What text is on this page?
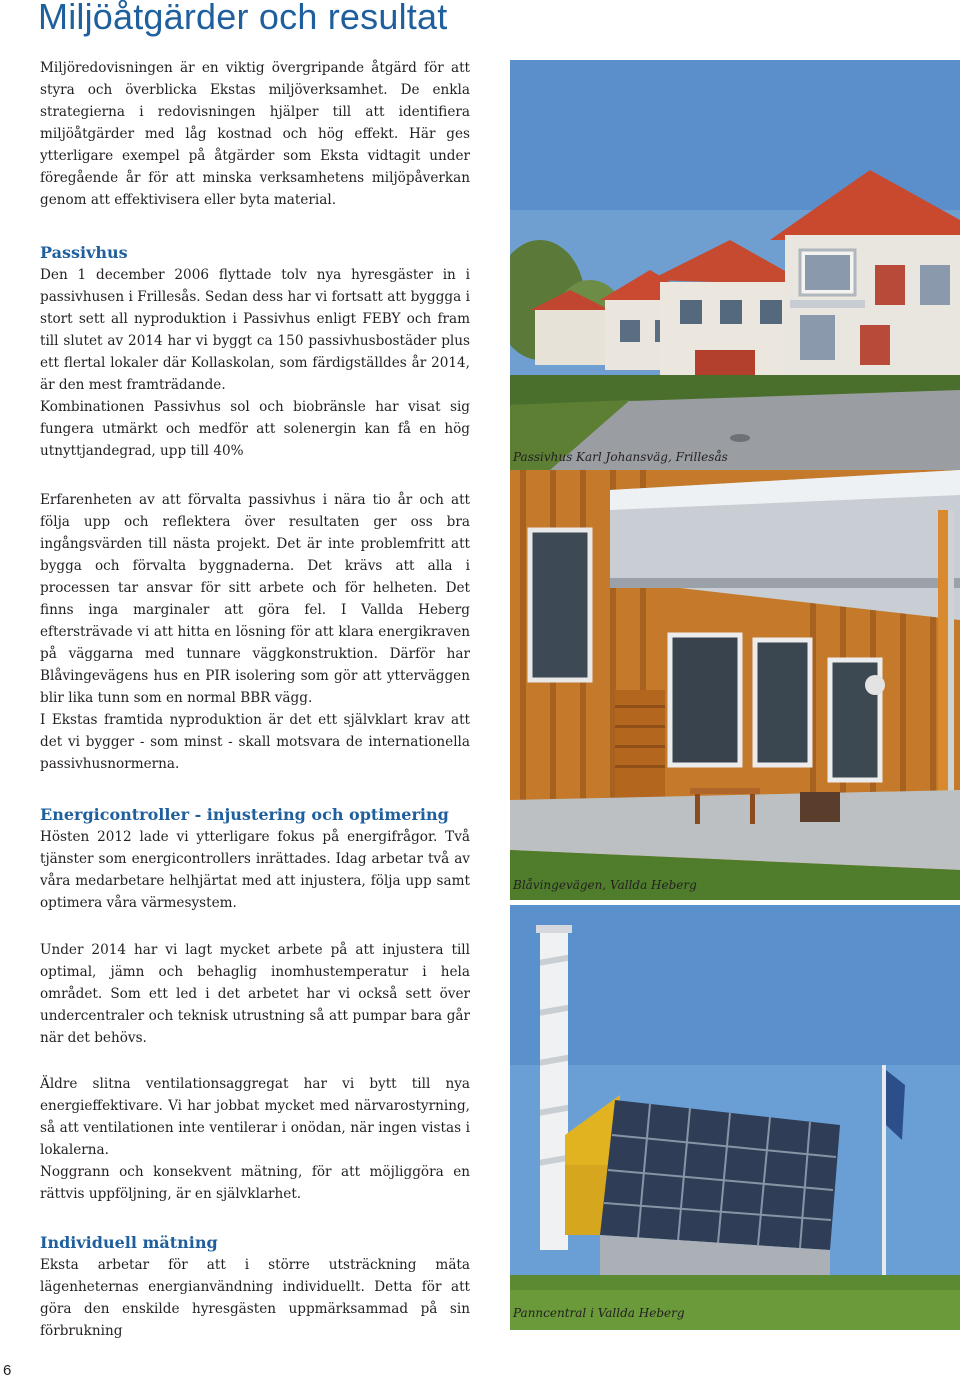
Miljöåtgärder och resultat

Miljöredovisningen är en viktig övergripande åtgärd för att styra och överblicka Ekstas miljöverksamhet. De enkla strategierna i redovisningen hjälper till att identifiera miljöåtgärder med låg kostnad och hög effekt. Här ges ytterligare exempel på åtgärder som Eksta vidtagit under föregående år för att minska verksamhetens miljöpåverkan genom att effektivisera eller byta material.

Passivhus

Den 1 december 2006 flyttade tolv nya hyresgäster in i passivhusen i Frillesås. Sedan dess har vi fortsatt att byggga i stort sett all nyproduktion i Passivhus enligt FEBY och fram till slutet av 2014 har vi byggt ca 150 passivhusbostäder plus ett flertal lokaler där Kollaskolan, som färdigställdes år 2014, är den mest framträdande.

Kombinationen Passivhus sol och biobränsle har visat sig fungera utmärkt och medför att solenergin kan få en hög utnyttjandegrad, upp till 40%

Erfarenheten av att förvalta passivhus i nära tio år och att följa upp och reflektera över resultaten ger oss bra ingångsvärden till nästa projekt. Det är inte problemfritt att bygga och förvalta byggnaderna. Det krävs att alla i processen tar ansvar för sitt arbete och för helheten. Det finns inga marginaler att göra fel. I Vallda Heberg eftersträvade vi att hitta en lösning för att klara energikraven på väggarna med tunnare väggkonstruktion. Därför har Blåvingevägens hus en PIR isolering som gör att ytterväggen blir lika tunn som en normal BBR vägg.

I Ekstas framtida nyproduktion är det ett självklart krav att det vi bygger - som minst - skall motsvara de internationella passivhusnormerna.

Energicontroller - injustering och optimering

Hösten 2012 lade vi ytterligare fokus på energifrågor. Två tjänster som energicontrollers inrättades. Idag arbetar två av våra medarbetare helhjärtat med att injustera, följa upp samt optimera våra värmesystem.

Under 2014 har vi lagt mycket arbete på att injustera till optimal, jämn och behaglig inomhustemperatur i hela området. Som ett led i det arbetet har vi också sett över undercentraler och teknisk utrustning så att pumpar bara går när det behövs.

Äldre slitna ventilationsaggregat har vi bytt till nya energieffektivare. Vi har jobbat mycket med närvarostyrning, så att ventilationen inte ventilerar i onödan, när ingen vistas i lokalerna.

Noggrann och konsekvent mätning, för att möjliggöra en rättvis uppföljning, är en självklarhet.

Individuell mätning

Eksta arbetar för att i större utsträckning mäta lägenheternas energianvändning individuellt. Detta för att göra den enskilde hyresgästen uppmärksammad på sin förbrukning

Passivhus Karl Johansväg, Frillesås
Blåvingevägen, Vallda Heberg
Panncentral i Vallda Heberg
6
